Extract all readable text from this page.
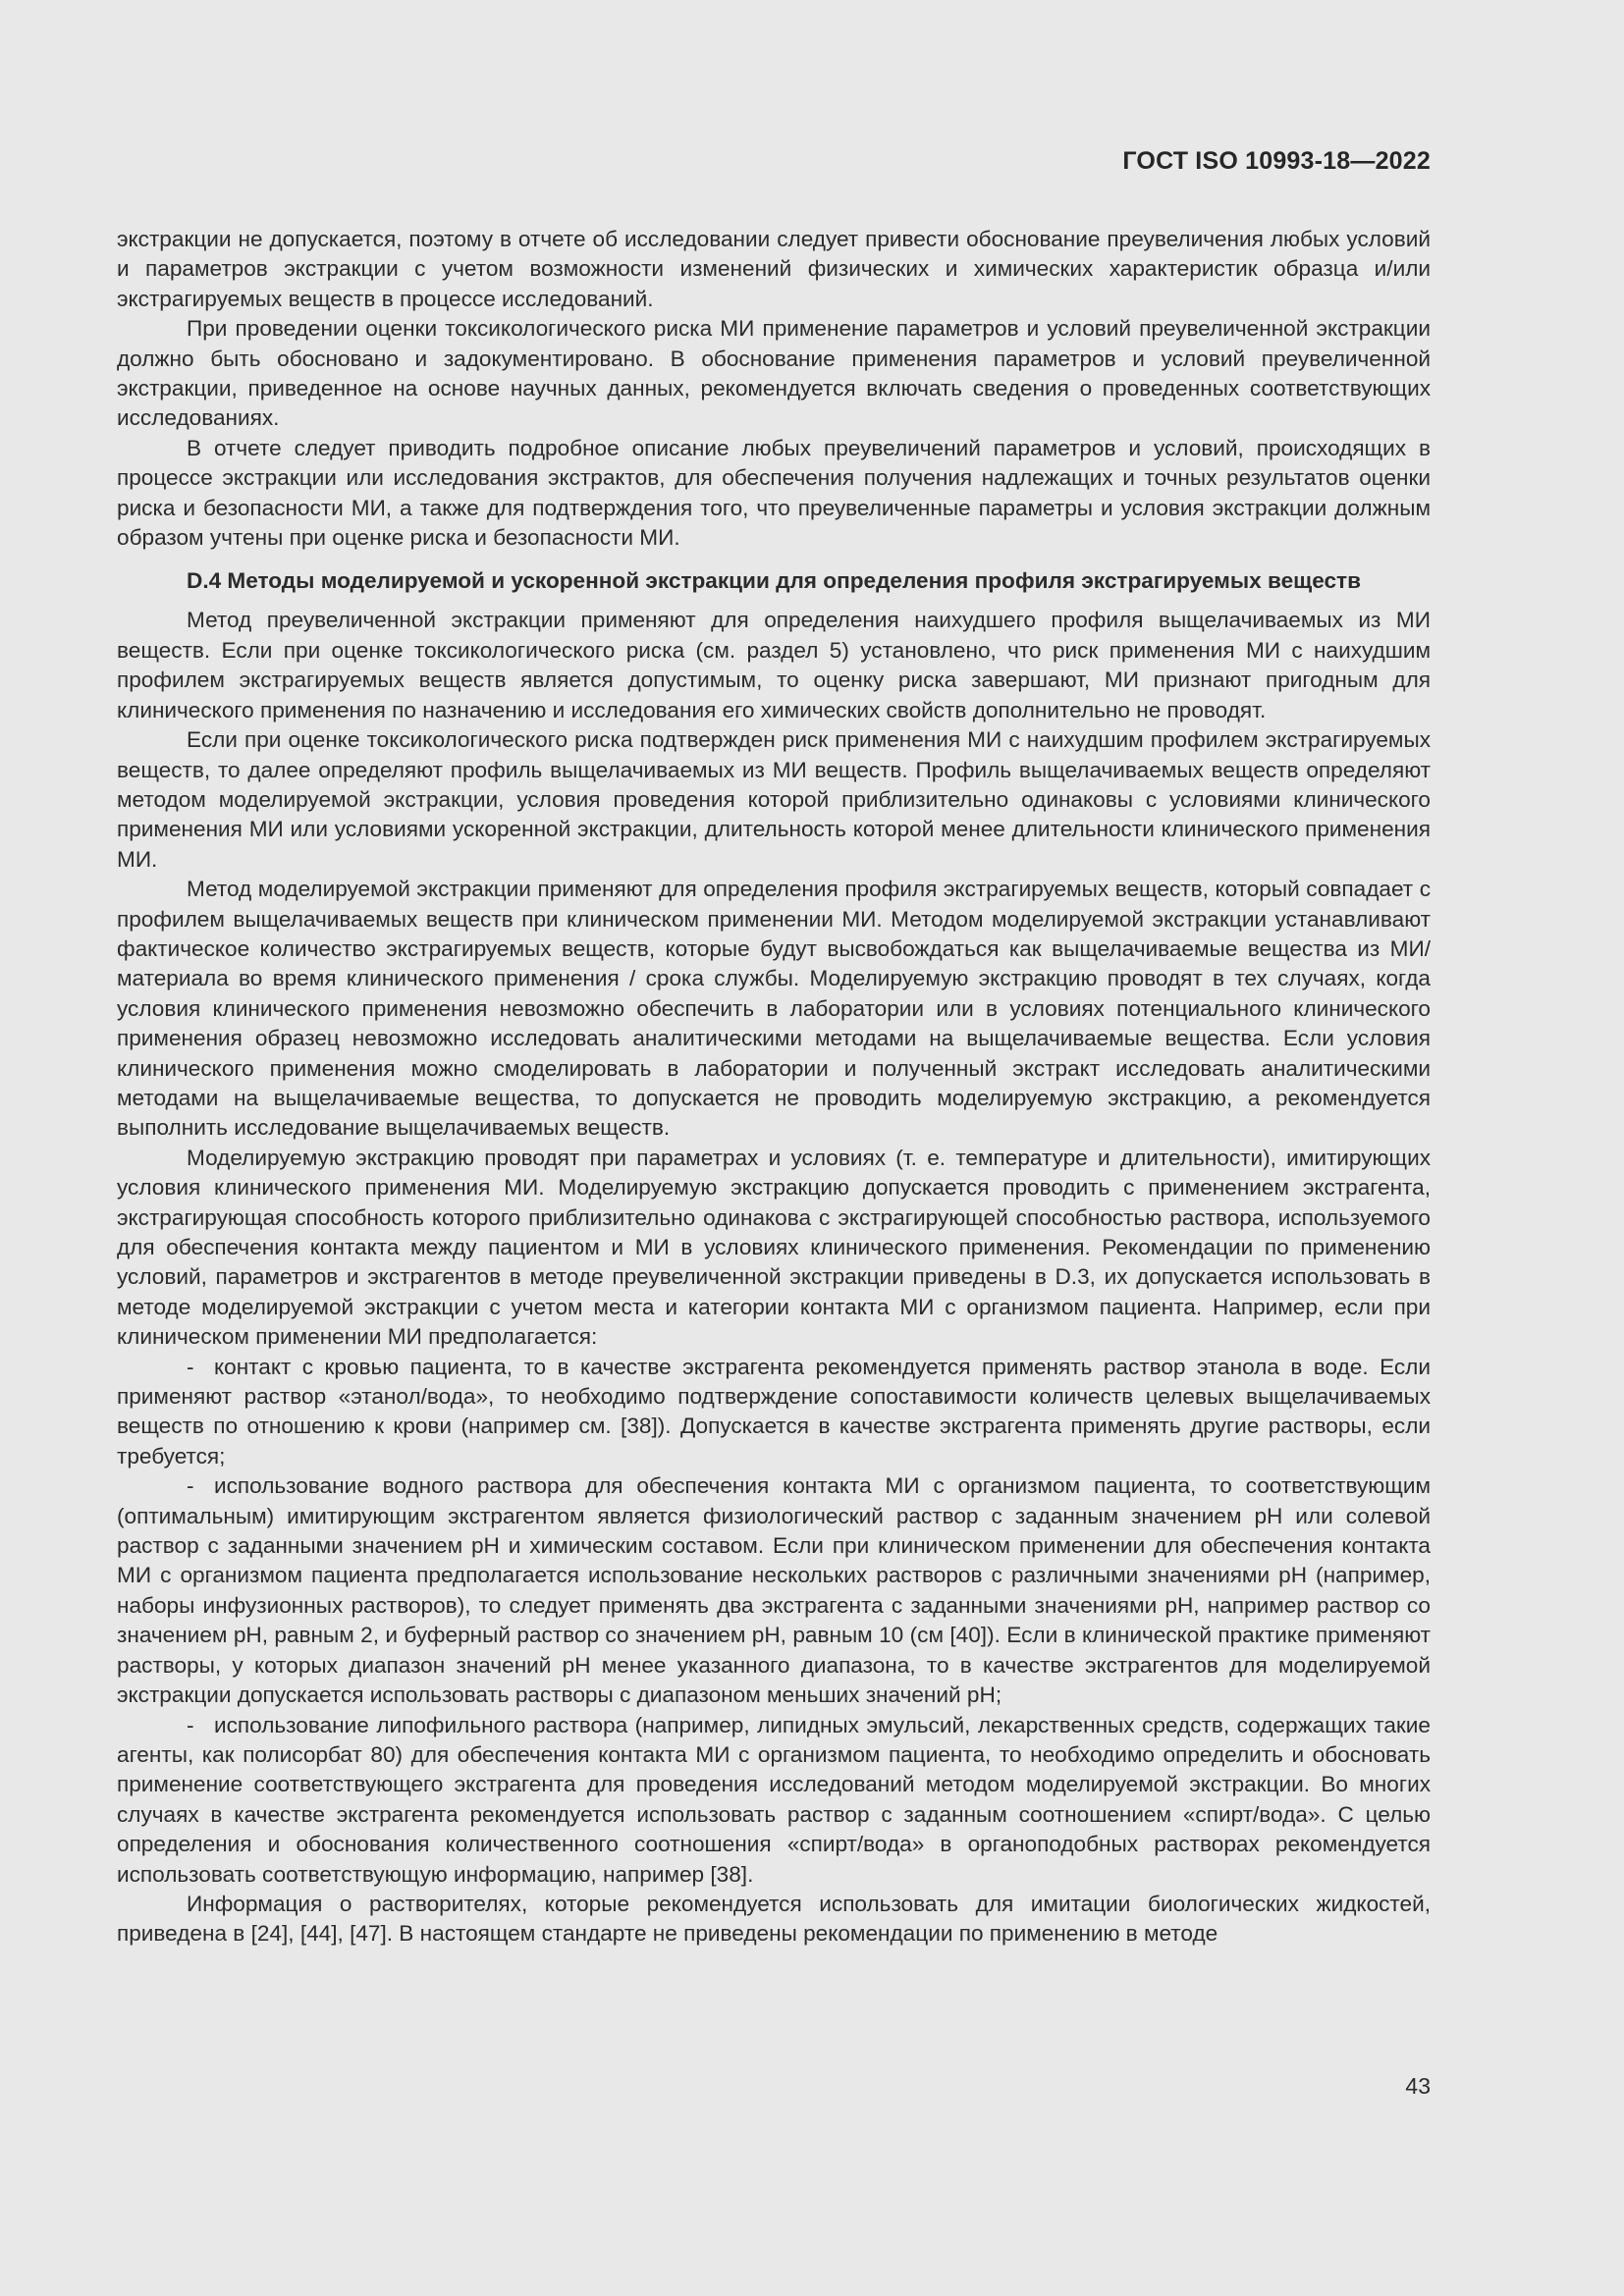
ГОСТ ISO 10993-18—2022

экстракции не допускается, поэтому в отчете об исследовании следует привести обоснование преувеличения любых условий и параметров экстракции с учетом возможности изменений физических и химических характеристик образца и/или экстрагируемых веществ в процессе исследований.

При проведении оценки токсикологического риска МИ применение параметров и условий преувеличенной экстракции должно быть обосновано и задокументировано. В обоснование применения параметров и условий преувеличенной экстракции, приведенное на основе научных данных, рекомендуется включать сведения о проведенных соответствующих исследованиях.

В отчете следует приводить подробное описание любых преувеличений параметров и условий, происходящих в процессе экстракции или исследования экстрактов, для обеспечения получения надлежащих и точных результатов оценки риска и безопасности МИ, а также для подтверждения того, что преувеличенные параметры и условия экстракции должным образом учтены при оценке риска и безопасности МИ.

D.4 Методы моделируемой и ускоренной экстракции для определения профиля экстрагируемых веществ

Метод преувеличенной экстракции применяют для определения наихудшего профиля выщелачиваемых из МИ веществ. Если при оценке токсикологического риска (см. раздел 5) установлено, что риск применения МИ с наихудшим профилем экстрагируемых веществ является допустимым, то оценку риска завершают, МИ признают пригодным для клинического применения по назначению и исследования его химических свойств дополнительно не проводят.

Если при оценке токсикологического риска подтвержден риск применения МИ с наихудшим профилем экстрагируемых веществ, то далее определяют профиль выщелачиваемых из МИ веществ. Профиль выщелачиваемых веществ определяют методом моделируемой экстракции, условия проведения которой приблизительно одинаковы с условиями клинического применения МИ или условиями ускоренной экстракции, длительность которой менее длительности клинического применения МИ.

Метод моделируемой экстракции применяют для определения профиля экстрагируемых веществ, который совпадает с профилем выщелачиваемых веществ при клиническом применении МИ. Методом моделируемой экстракции устанавливают фактическое количество экстрагируемых веществ, которые будут высвобождаться как выщелачиваемые вещества из МИ/материала во время клинического применения / срока службы. Моделируемую экстракцию проводят в тех случаях, когда условия клинического применения невозможно обеспечить в лаборатории или в условиях потенциального клинического применения образец невозможно исследовать аналитическими методами на выщелачиваемые вещества. Если условия клинического применения можно смоделировать в лаборатории и полученный экстракт исследовать аналитическими методами на выщелачиваемые вещества, то допускается не проводить моделируемую экстракцию, а рекомендуется выполнить исследование выщелачиваемых веществ.

Моделируемую экстракцию проводят при параметрах и условиях (т. е. температуре и длительности), имитирующих условия клинического применения МИ. Моделируемую экстракцию допускается проводить с применением экстрагента, экстрагирующая способность которого приблизительно одинакова с экстрагирующей способностью раствора, используемого для обеспечения контакта между пациентом и МИ в условиях клинического применения. Рекомендации по применению условий, параметров и экстрагентов в методе преувеличенной экстракции приведены в D.3, их допускается использовать в методе моделируемой экстракции с учетом места и категории контакта МИ с организмом пациента. Например, если при клиническом применении МИ предполагается:

- контакт с кровью пациента, то в качестве экстрагента рекомендуется применять раствор этанола в воде. Если применяют раствор «этанол/вода», то необходимо подтверждение сопоставимости количеств целевых выщелачиваемых веществ по отношению к крови (например см. [38]). Допускается в качестве экстрагента применять другие растворы, если требуется;

- использование водного раствора для обеспечения контакта МИ с организмом пациента, то соответствующим (оптимальным) имитирующим экстрагентом является физиологический раствор с заданным значением pH или солевой раствор с заданными значением pH и химическим составом. Если при клиническом применении для обеспечения контакта МИ с организмом пациента предполагается использование нескольких растворов с различными значениями pH (например, наборы инфузионных растворов), то следует применять два экстрагента с заданными значениями pH, например раствор со значением pH, равным 2, и буферный раствор со значением pH, равным 10 (см [40]). Если в клинической практике применяют растворы, у которых диапазон значений pH менее указанного диапазона, то в качестве экстрагентов для моделируемой экстракции допускается использовать растворы с диапазоном меньших значений pH;

- использование липофильного раствора (например, липидных эмульсий, лекарственных средств, содержащих такие агенты, как полисорбат 80) для обеспечения контакта МИ с организмом пациента, то необходимо определить и обосновать применение соответствующего экстрагента для проведения исследований методом моделируемой экстракции. Во многих случаях в качестве экстрагента рекомендуется использовать раствор с заданным соотношением «спирт/вода». С целью определения и обоснования количественного соотношения «спирт/вода» в органоподобных растворах рекомендуется использовать соответствующую информацию, например [38].

Информация о растворителях, которые рекомендуется использовать для имитации биологических жидкостей, приведена в [24], [44], [47]. В настоящем стандарте не приведены рекомендации по применению в методе

43
